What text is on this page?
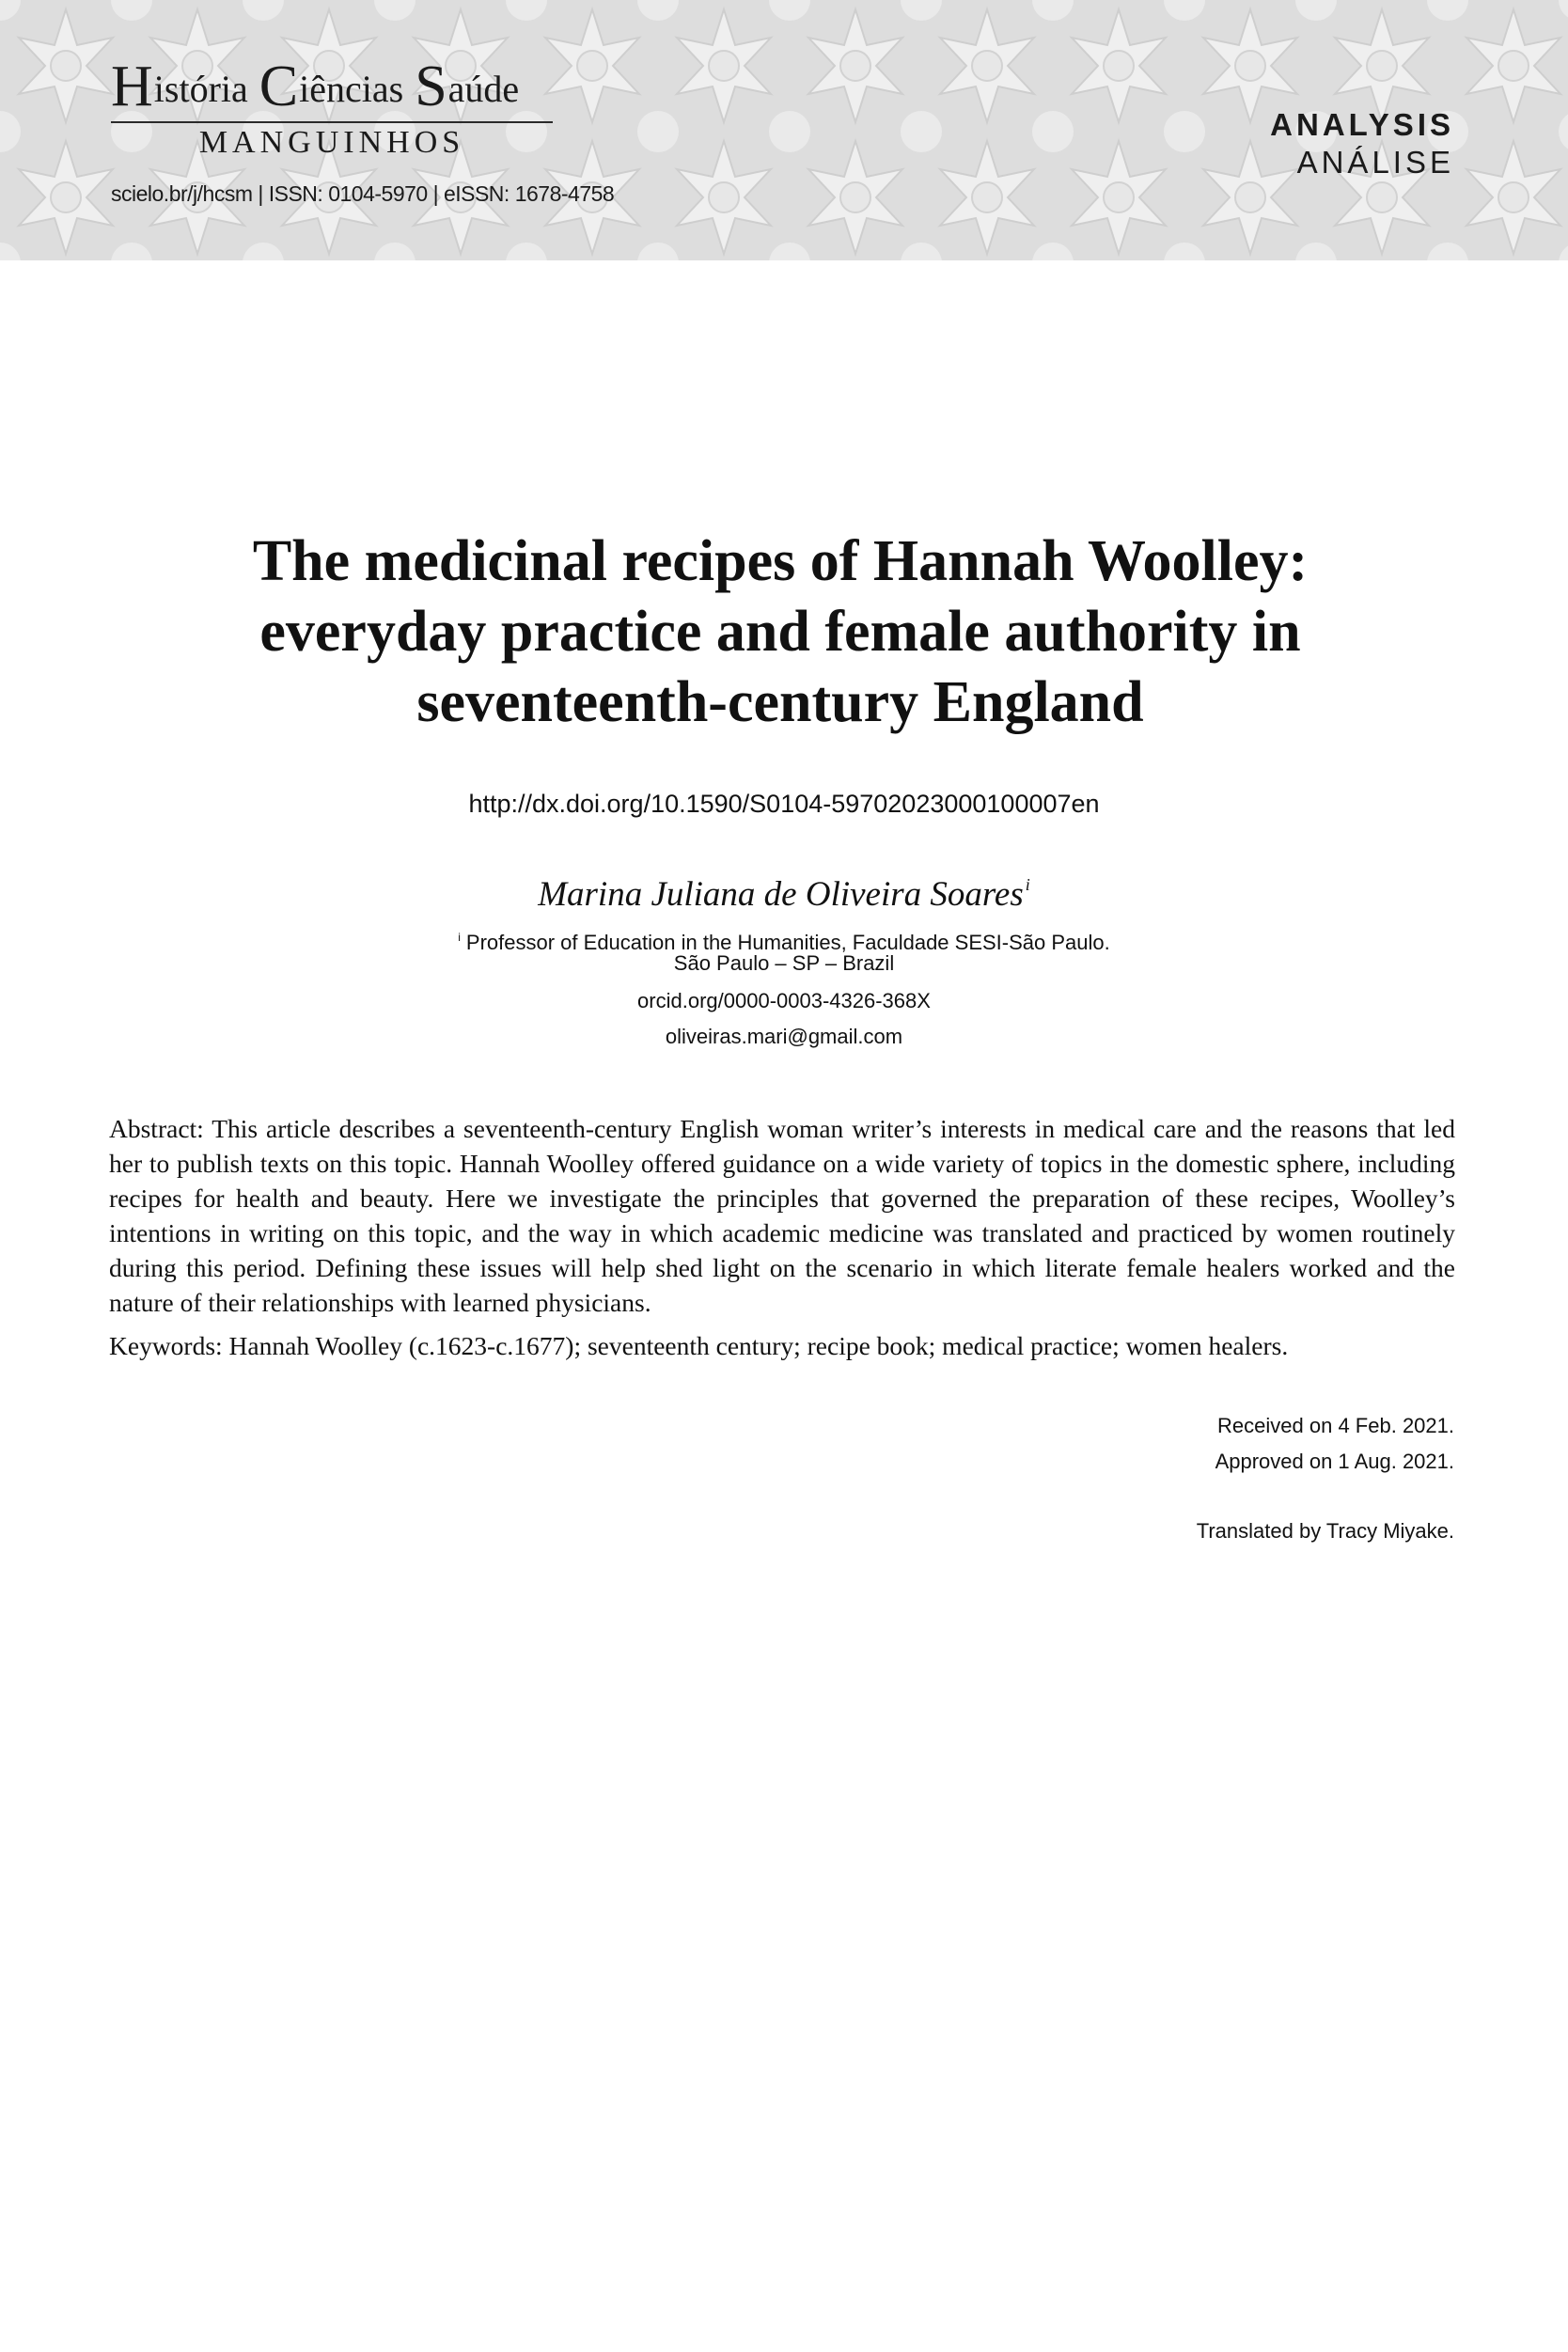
História Ciências Saúde
MANGUINHOS
scielo.br/j/hcsm | ISSN: 0104-5970 | eISSN: 1678-4758
ANALYSIS
ANÁLISE
The medicinal recipes of Hannah Woolley:
everyday practice and female authority in
seventeenth-century England
http://dx.doi.org/10.1590/S0104-59702023000100007en
Marina Juliana de Oliveira Soares $^i$
$^i$ Professor of Education in the Humanities, Faculdade SESI-São Paulo.
São Paulo – SP – Brazil
orcid.org/0000-0003-4326-368X
oliveiras.mari@gmail.com

Abstract: This article describes a seventeenth-century English woman writer’s interests in medical care and the reasons that led her to publish texts on this topic. Hannah Woolley offered guidance on a wide variety of topics in the domestic sphere, including recipes for health and beauty. Here we investigate the principles that governed the preparation of these recipes, Woolley’s intentions in writing on this topic, and the way in which academic medicine was translated and practiced by women routinely during this period. Defining these issues will help shed light on the scenario in which literate female healers worked and the nature of their relationships with learned physicians.

Keywords: Hannah Woolley (c.1623-c.1677); seventeenth century; recipe book; medical practice; women healers.

Received on 4 Feb. 2021.
Approved on 1 Aug. 2021.
Translated by Tracy Miyake.
